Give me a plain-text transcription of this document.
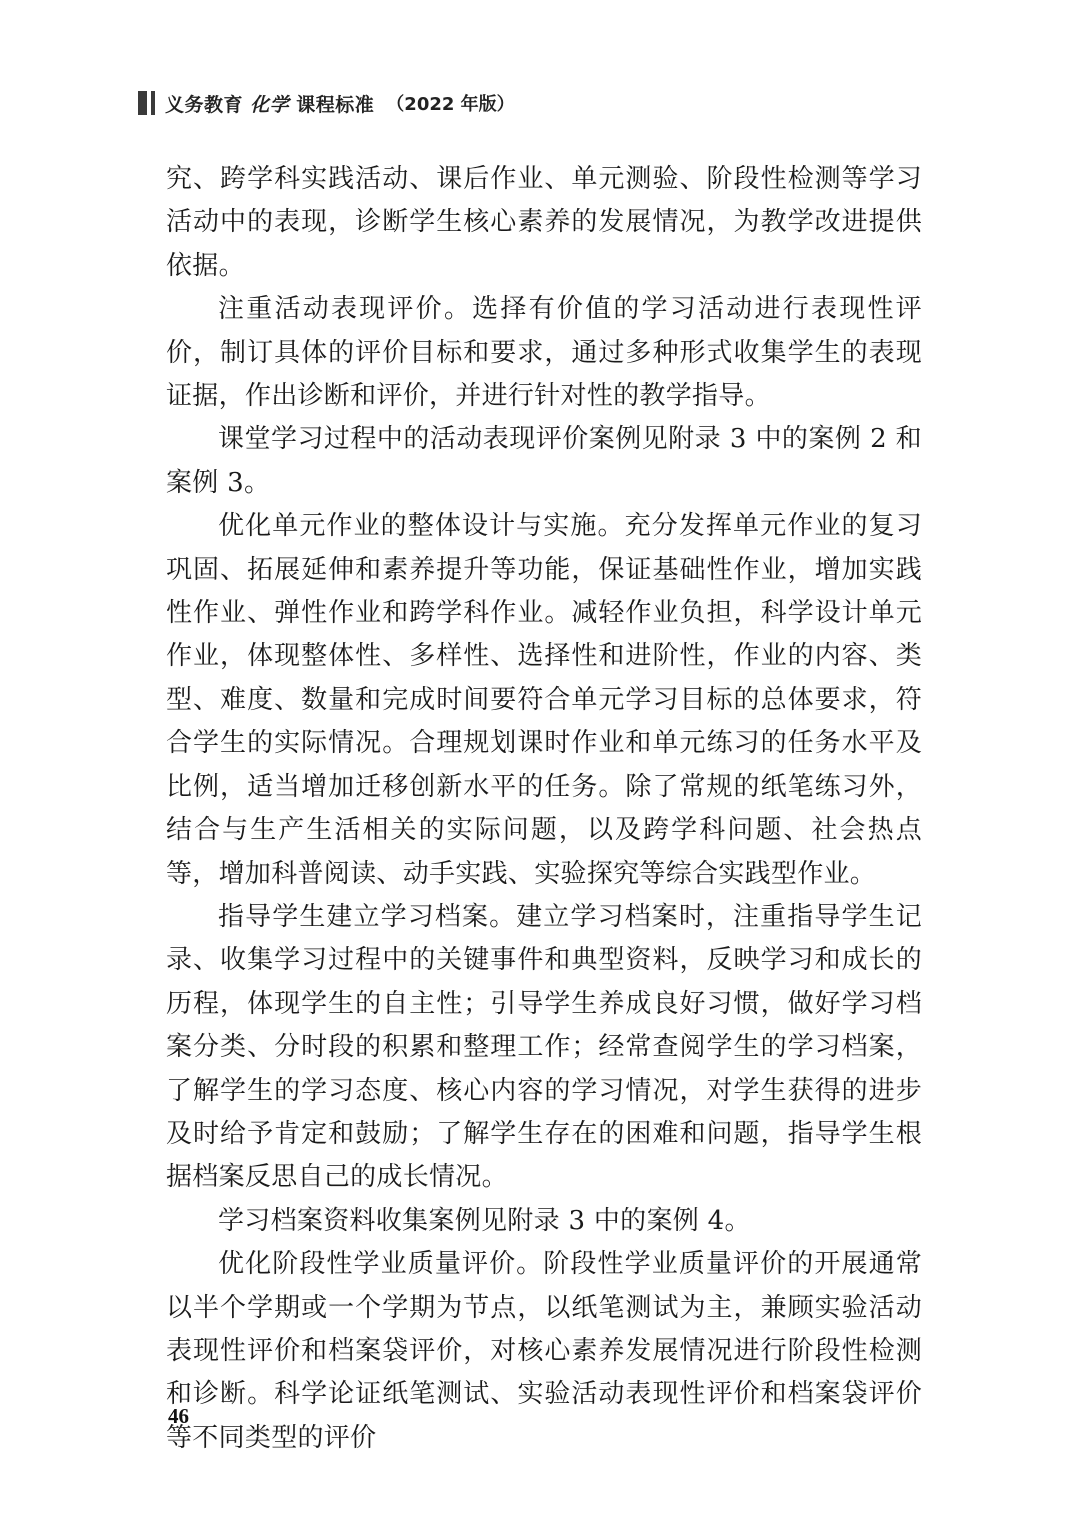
义务教育 化学 课程标准 （2022 年版）

究、跨学科实践活动、课后作业、单元测验、阶段性检测等学习活动中的表现，诊断学生核心素养的发展情况，为教学改进提供依据。

注重活动表现评价。选择有价值的学习活动进行表现性评价，制订具体的评价目标和要求，通过多种形式收集学生的表现证据，作出诊断和评价，并进行针对性的教学指导。

课堂学习过程中的活动表现评价案例见附录 3 中的案例 2 和案例 3。

优化单元作业的整体设计与实施。充分发挥单元作业的复习巩固、拓展延伸和素养提升等功能，保证基础性作业，增加实践性作业、弹性作业和跨学科作业。减轻作业负担，科学设计单元作业，体现整体性、多样性、选择性和进阶性，作业的内容、类型、难度、数量和完成时间要符合单元学习目标的总体要求，符合学生的实际情况。合理规划课时作业和单元练习的任务水平及比例，适当增加迁移创新水平的任务。除了常规的纸笔练习外，结合与生产生活相关的实际问题，以及跨学科问题、社会热点等，增加科普阅读、动手实践、实验探究等综合实践型作业。

指导学生建立学习档案。建立学习档案时，注重指导学生记录、收集学习过程中的关键事件和典型资料，反映学习和成长的历程，体现学生的自主性；引导学生养成良好习惯，做好学习档案分类、分时段的积累和整理工作；经常查阅学生的学习档案，了解学生的学习态度、核心内容的学习情况，对学生获得的进步及时给予肯定和鼓励；了解学生存在的困难和问题，指导学生根据档案反思自己的成长情况。

学习档案资料收集案例见附录 3 中的案例 4。

优化阶段性学业质量评价。阶段性学业质量评价的开展通常以半个学期或一个学期为节点，以纸笔测试为主，兼顾实验活动表现性评价和档案袋评价，对核心素养发展情况进行阶段性检测和诊断。科学论证纸笔测试、实验活动表现性评价和档案袋评价等不同类型的评价

46
